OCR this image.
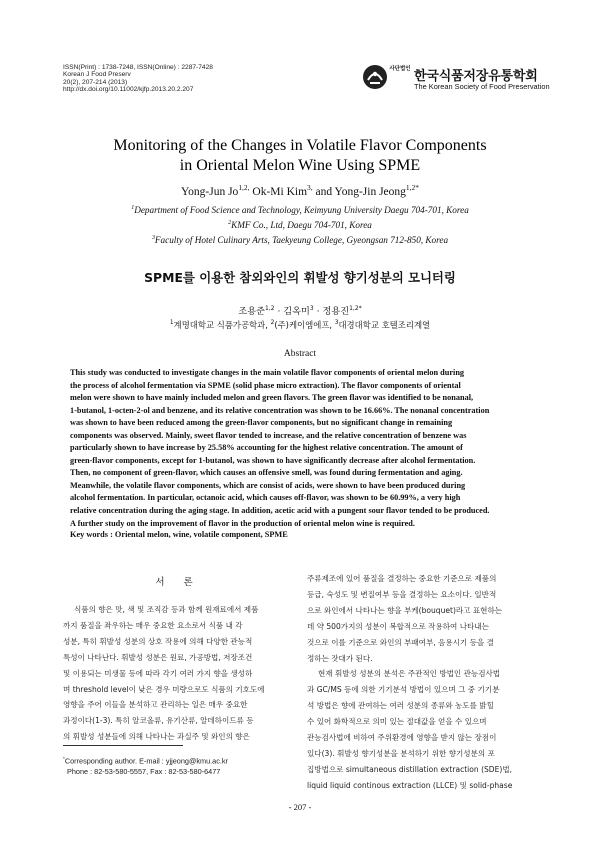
ISSN(Print) : 1738-7248, ISSN(Online) : 2287-7428
Korean J Food Preserv
20(2), 207-214 (2013)
http://dx.doi.org/10.11002/kjfp.2013.20.2.207
사단법인 한국식품저장유통학회
The Korean Society of Food Preservation
Monitoring of the Changes in Volatile Flavor Components
in Oriental Melon Wine Using SPME
Yong-Jun $Jo^{1,2,}$ Ok-Mi Kim$^{3,}$ and Yong-Jin Jeong$^{1,2*}$
$^1$Department of Food Science and Technology, Keimyung University Daegu 704-701, Korea
$^2$KMF Co., Ltd, Daegu 704-701, Korea
$^3$Faculty of Hotel Culinary Arts, Taekyeung College, Gyeongsan 712-850, Korea
SPME를 이용한 참외와인의 휘발성 향기성분의 모니터링
조용준$^{1,2}$ · 김옥미$^3$ · 정용진$^{1,2*}$
$^1$계명대학교 식품가공학과, $^2$(주)케이엠에프, $^3$대경대학교 호텔조리계열
Abstract
This study was conducted to investigate changes in the main volatile flavor components of oriental melon during
the process of alcohol fermentation via SPME (solid phase micro extraction). The flavor components of oriental
melon were shown to have mainly included melon and green flavors. The green flavor was identified to be nonanal,
1-butanol, 1-octen-2-ol and benzene, and its relative concentration was shown to be 16.66%. The nonanal concentration
was shown to have been reduced among the green-flavor components, but no significant change in remaining
components was observed. Mainly, sweet flavor tended to increase, and the relative concentration of benzene was
particularly shown to have increase by 25.58% accounting for the highest relative concentration. The amount of
green-flavor components, except for 1-butanol, was shown to have significantly decrease after alcohol fermentation.
Then, no component of green-flavor, which causes an offensive smell, was found during fermentation and aging.
Meanwhile, the volatile flavor components, which are consist of acids, were shown to have been produced during
alcohol fermentation. In particular, octanoic acid, which causes off-flavor, was shown to be 60.99%, a very high
relative concentration during the aging stage. In addition, acetic acid with a pungent sour flavor tended to be produced.
A further study on the improvement of flavor in the production of oriental melon wine is required.
Key words : Oriental melon, wine, volatile component, SPME
서 론
식품의 향은 맛, 색 및 조직감 등과 함께 원재료에서 제품
까지 품질을 좌우하는 매우 중요한 요소로서 식품 내 각
성분, 특히 휘발성 성분의 상호 작용에 의해 다양한 관능적
특성이 나타난다. 휘발성 성분은 원료, 가공방법, 저장조건
및 이용되는 미생물 등에 따라 각기 여러 가지 향을 생성하
며 threshold level이 낮은 경우 미량으로도 식품의 기호도에
영향을 주어 이들을 분석하고 관리하는 일은 매우 중요한
과정이다(1-3). 특히 알코올류, 유기산류, 알데하이드류 등
의 휘발성 성분들에 의해 나타나는 과실주 및 와인의 향은
주류제조에 있어 품질을 결정하는 중요한 기준으로 제품의
등급, 숙성도 및 변질여부 등을 결정하는 요소이다. 일반적
으로 와인에서 나타나는 향을 부케(bouquet)라고 표현하는
데 약 500가지의 성분이 복합적으로 작용하여 나타내는
것으로 이를 기준으로 와인의 부패여부, 음용시기 등을 결
정하는 잣대가 된다.
현재 휘발성 성분의 분석은 주관적인 방법인 관능검사법
과 GC/MS 등에 의한 기기분석 방법이 있으며 그 중 기기분
석 방법은 향에 관여하는 여러 성분의 종류와 농도를 밝힐
수 있어 화학적으로 의미 있는 절대값을 얻을 수 있으며
관능검사법에 비하여 주위환경에 영향을 받지 않는 장점이
있다(3). 휘발성 향기성분을 분석하기 위한 향기성분의 포
집방법으로 simultaneous distillation extraction (SDE)법,
liquid liquid continous extraction (LLCE) 및 solid-phase
*Corresponding author. E-mail : yjjeong@kmu.ac.kr
Phone : 82-53-580-5557, Fax : 82-53-580-6477
- 207 -
